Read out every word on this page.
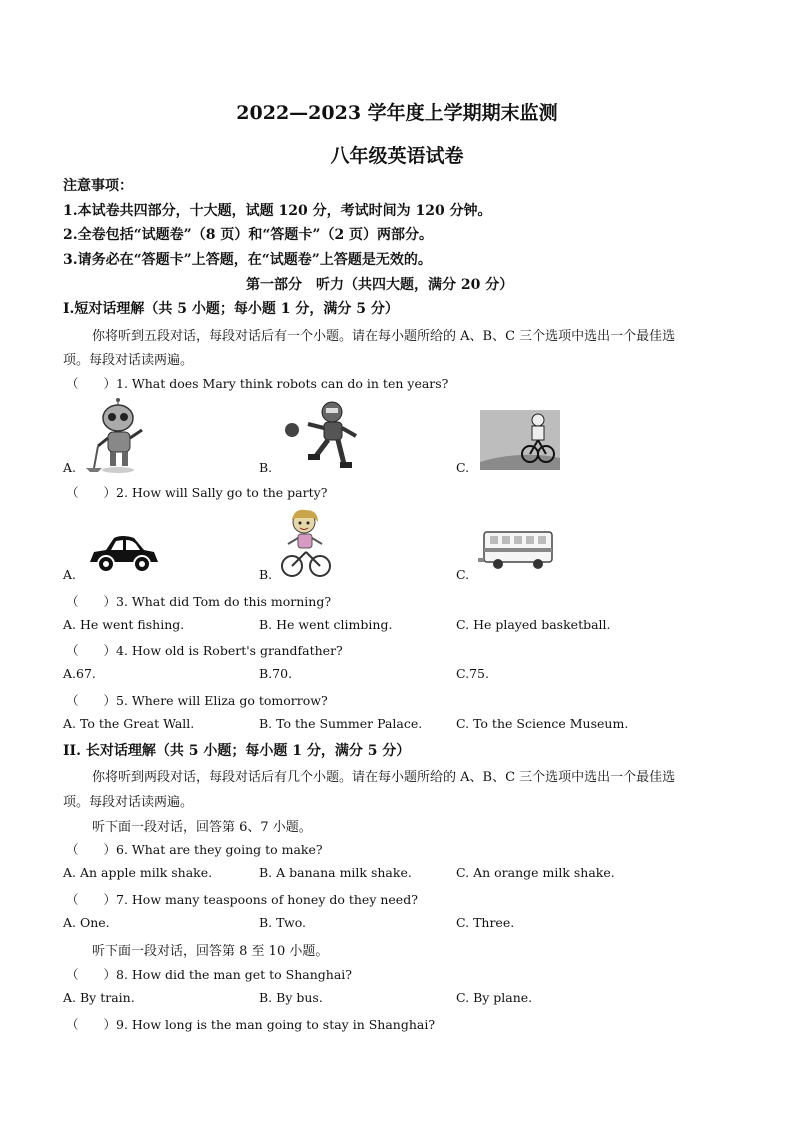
2022—2023 学年度上学期期末监测
八年级英语试卷
注意事项：
1.本试卷共四部分，十大题，试题 120 分，考试时间为 120 分钟。
2.全卷包括“试题卷”（8 页）和“答题卡”（2 页）两部分。
3.请务必在“答题卡”上答题，在“试题卷”上答题是无效的。
第一部分　听力（共四大题，满分 20 分）
I.短对话理解（共 5 小题；每小题 1 分，满分 5 分）
你将听到五段对话，每段对话后有一个小题。请在每小题所给的 A、B、C 三个选项中选出一个最佳选
项。每段对话读两遍。
（　　）1. What does Mary think robots can do in ten years?
A.	B.	C.
（　　）2. How will Sally go to the party?
A.	B.	C.
（　　）3. What did Tom do this morning?
A. He went fishing.	B. He went climbing.	C. He played basketball.
（　　）4. How old is Robert's grandfather?
A.67.	B.70.	C.75.
（　　）5. Where will Eliza go tomorrow?
A. To the Great Wall.	B. To the Summer Palace.	C. To the Science Museum.
II. 长对话理解（共 5 小题；每小题 1 分，满分 5 分）
你将听到两段对话，每段对话后有几个小题。请在每小题所给的 A、B、C 三个选项中选出一个最佳选
项。每段对话读两遍。
听下面一段对话，回答第 6、7 小题。
（　　）6. What are they going to make?
A. An apple milk shake.	B. A banana milk shake.	C. An orange milk shake.
（　　）7. How many teaspoons of honey do they need?
A. One.	B. Two.	C. Three.
听下面一段对话，回答第 8 至 10 小题。
（　　）8. How did the man get to Shanghai?
A. By train.	B. By bus.	C. By plane.
（　　）9. How long is the man going to stay in Shanghai?
